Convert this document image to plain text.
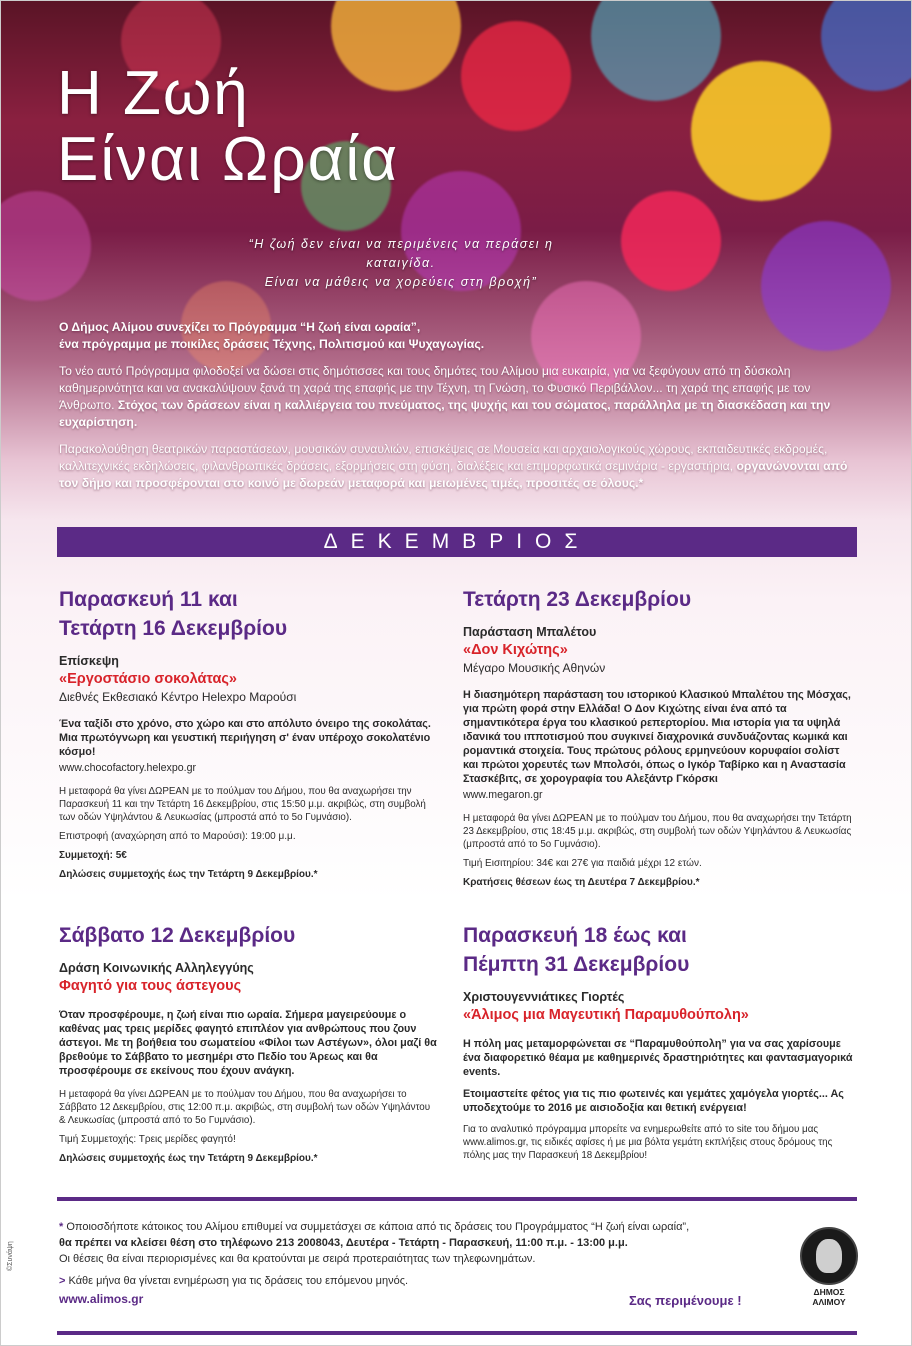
Η Ζωή
Είναι Ωραία
“Η ζωή δεν είναι να περιμένεις να περάσει η καταιγίδα.
Είναι να μάθεις να χορεύεις στη βροχή”

Ο Δήμος Αλίμου συνεχίζει το Πρόγραμμα “Η ζωή είναι ωραία”,
ένα πρόγραμμα με ποικίλες δράσεις Τέχνης, Πολιτισμού και Ψυχαγωγίας.

Το νέο αυτό Πρόγραμμα φιλοδοξεί να δώσει στις δημότισσες και τους δημότες του Αλίμου μια ευκαιρία, για να ξεφύγουν από τη δύσκολη καθημερινότητα και να ανακαλύψουν ξανά τη χαρά της επαφής με την Τέχνη, τη Γνώση, το Φυσικό Περιβάλλον... τη χαρά της επαφής με τον Άνθρωπο. Στόχος των δράσεων είναι η καλλιέργεια του πνεύματος, της ψυχής και του σώματος, παράλληλα με τη διασκέδαση και την ευχαρίστηση.

Παρακολούθηση θεατρικών παραστάσεων, μουσικών συναυλιών, επισκέψεις σε Μουσεία και αρχαιολογικούς χώρους, εκπαιδευτικές εκδρομές, καλλιτεχνικές εκδηλώσεις, φιλανθρωπικές δράσεις, εξορμήσεις στη φύση, διαλέξεις και επιμορφωτικά σεμινάρια - εργαστήρια, οργανώνονται από τον δήμο και προσφέρονται στο κοινό με δωρεάν μεταφορά και μειωμένες τιμές, προσιτές σε όλους.*

ΔΕΚΕΜΒΡΙΟΣ
Παρασκευή 11 και
Τετάρτη 16 Δεκεμβρίου
Επίσκεψη
«Εργοστάσιο σοκολάτας»
Διεθνές Εκθεσιακό Κέντρο Helexpo Μαρούσι
Ένα ταξίδι στο χρόνο, στο χώρο και στο απόλυτο όνειρο της σοκολάτας. Μια πρωτόγνωρη και γευστική περιήγηση σ' έναν υπέροχο σοκολατένιο κόσμο!
www.chocofactory.helexpo.gr
Η μεταφορά θα γίνει ΔΩΡΕΑΝ με το πούλμαν του Δήμου, που θα αναχωρήσει την Παρασκευή 11 και την Τετάρτη 16 Δεκεμβρίου, στις 15:50 μ.μ. ακριβώς, στη συμβολή των οδών Υψηλάντου & Λευκωσίας (μπροστά από το 5ο Γυμνάσιο).
Επιστροφή (αναχώρηση από το Μαρούσι): 19:00 μ.μ.
Συμμετοχή: 5€
Δηλώσεις συμμετοχής έως την Τετάρτη 9 Δεκεμβρίου.*
Τετάρτη 23 Δεκεμβρίου
Παράσταση Μπαλέτου
«Δον Κιχώτης»
Μέγαρο Μουσικής Αθηνών
Η διασημότερη παράσταση του ιστορικού Κλασικού Μπαλέτου της Μόσχας, για πρώτη φορά στην Ελλάδα! Ο Δον Κιχώτης είναι ένα από τα σημαντικότερα έργα του κλασικού ρεπερτορίου. Μια ιστορία για τα υψηλά ιδανικά του ιπποτισμού που συγκινεί διαχρονικά συνδυάζοντας κωμικά και ρομαντικά στοιχεία. Τους πρώτους ρόλους ερμηνεύουν κορυφαίοι σολίστ και πρώτοι χορευτές των Μπολσόι, όπως ο Ιγκόρ Ταβίρκο και η Αναστασία Στασκέβιτς, σε χορογραφία του Αλεξάντρ Γκόρσκι
www.megaron.gr
Η μεταφορά θα γίνει ΔΩΡΕΑΝ με το πούλμαν του Δήμου, που θα αναχωρήσει την Τετάρτη 23 Δεκεμβρίου, στις 18:45 μ.μ. ακριβώς, στη συμβολή των οδών Υψηλάντου & Λευκωσίας (μπροστά από το 5ο Γυμνάσιο).
Τιμή Εισιτηρίου: 34€ και 27€ για παιδιά μέχρι 12 ετών.
Κρατήσεις θέσεων έως τη Δευτέρα 7 Δεκεμβρίου.*
Σάββατο 12 Δεκεμβρίου
Δράση Κοινωνικής Αλληλεγγύης
Φαγητό για τους άστεγους
Όταν προσφέρουμε, η ζωή είναι πιο ωραία. Σήμερα μαγειρεύουμε ο καθένας μας τρεις μερίδες φαγητό επιπλέον για ανθρώπους που ζουν άστεγοι. Με τη βοήθεια του σωματείου «Φίλοι των Αστέγων», όλοι μαζί θα βρεθούμε το Σάββατο το μεσημέρι στο Πεδίο του Άρεως και θα προσφέρουμε σε εκείνους που έχουν ανάγκη.
Η μεταφορά θα γίνει ΔΩΡΕΑΝ με το πούλμαν του Δήμου, που θα αναχωρήσει το Σάββατο 12 Δεκεμβρίου, στις 12:00 π.μ. ακριβώς, στη συμβολή των οδών Υψηλάντου & Λευκωσίας (μπροστά από το 5ο Γυμνάσιο).
Τιμή Συμμετοχής: Τρεις μερίδες φαγητό!
Δηλώσεις συμμετοχής έως την Τετάρτη 9 Δεκεμβρίου.*
Παρασκευή 18 έως και
Πέμπτη 31 Δεκεμβρίου
Χριστουγεννιάτικες Γιορτές
«Άλιμος μια Μαγευτική Παραμυθούπολη»
Η πόλη μας μεταμορφώνεται σε “Παραμυθούπολη” για να σας χαρίσουμε ένα διαφορετικό θέαμα με καθημερινές δραστηριότητες και φαντασμαγορικά events.
Ετοιμαστείτε φέτος για τις πιο φωτεινές και γεμάτες χαμόγελα γιορτές... Ας υποδεχτούμε το 2016 με αισιοδοξία και θετική ενέργεια!
Για το αναλυτικό πρόγραμμα μπορείτε να ενημερωθείτε από το site του δήμου μας www.alimos.gr, τις ειδικές αφίσες ή με μια βόλτα γεμάτη εκπλήξεις στους δρόμους της πόλης μας την Παρασκευή 18 Δεκεμβρίου!
* Οποιοσδήποτε κάτοικος του Αλίμου επιθυμεί να συμμετάσχει σε κάποια από τις δράσεις του Προγράμματος “Η ζωή είναι ωραία”,
θα πρέπει να κλείσει θέση στο τηλέφωνο 213 2008043, Δευτέρα - Τετάρτη - Παρασκευή, 11:00 π.μ. - 13:00 μ.μ.
Οι θέσεις θα είναι περιορισμένες και θα κρατούνται με σειρά προτεραιότητας των τηλεφωνημάτων.
> Κάθε μήνα θα γίνεται ενημέρωση για τις δράσεις του επόμενου μηνός.
www.alimos.gr	Σας περιμένουμε !
ΔΗΜΟΣ
ΑΛΙΜΟΥ
©Συνάψη
